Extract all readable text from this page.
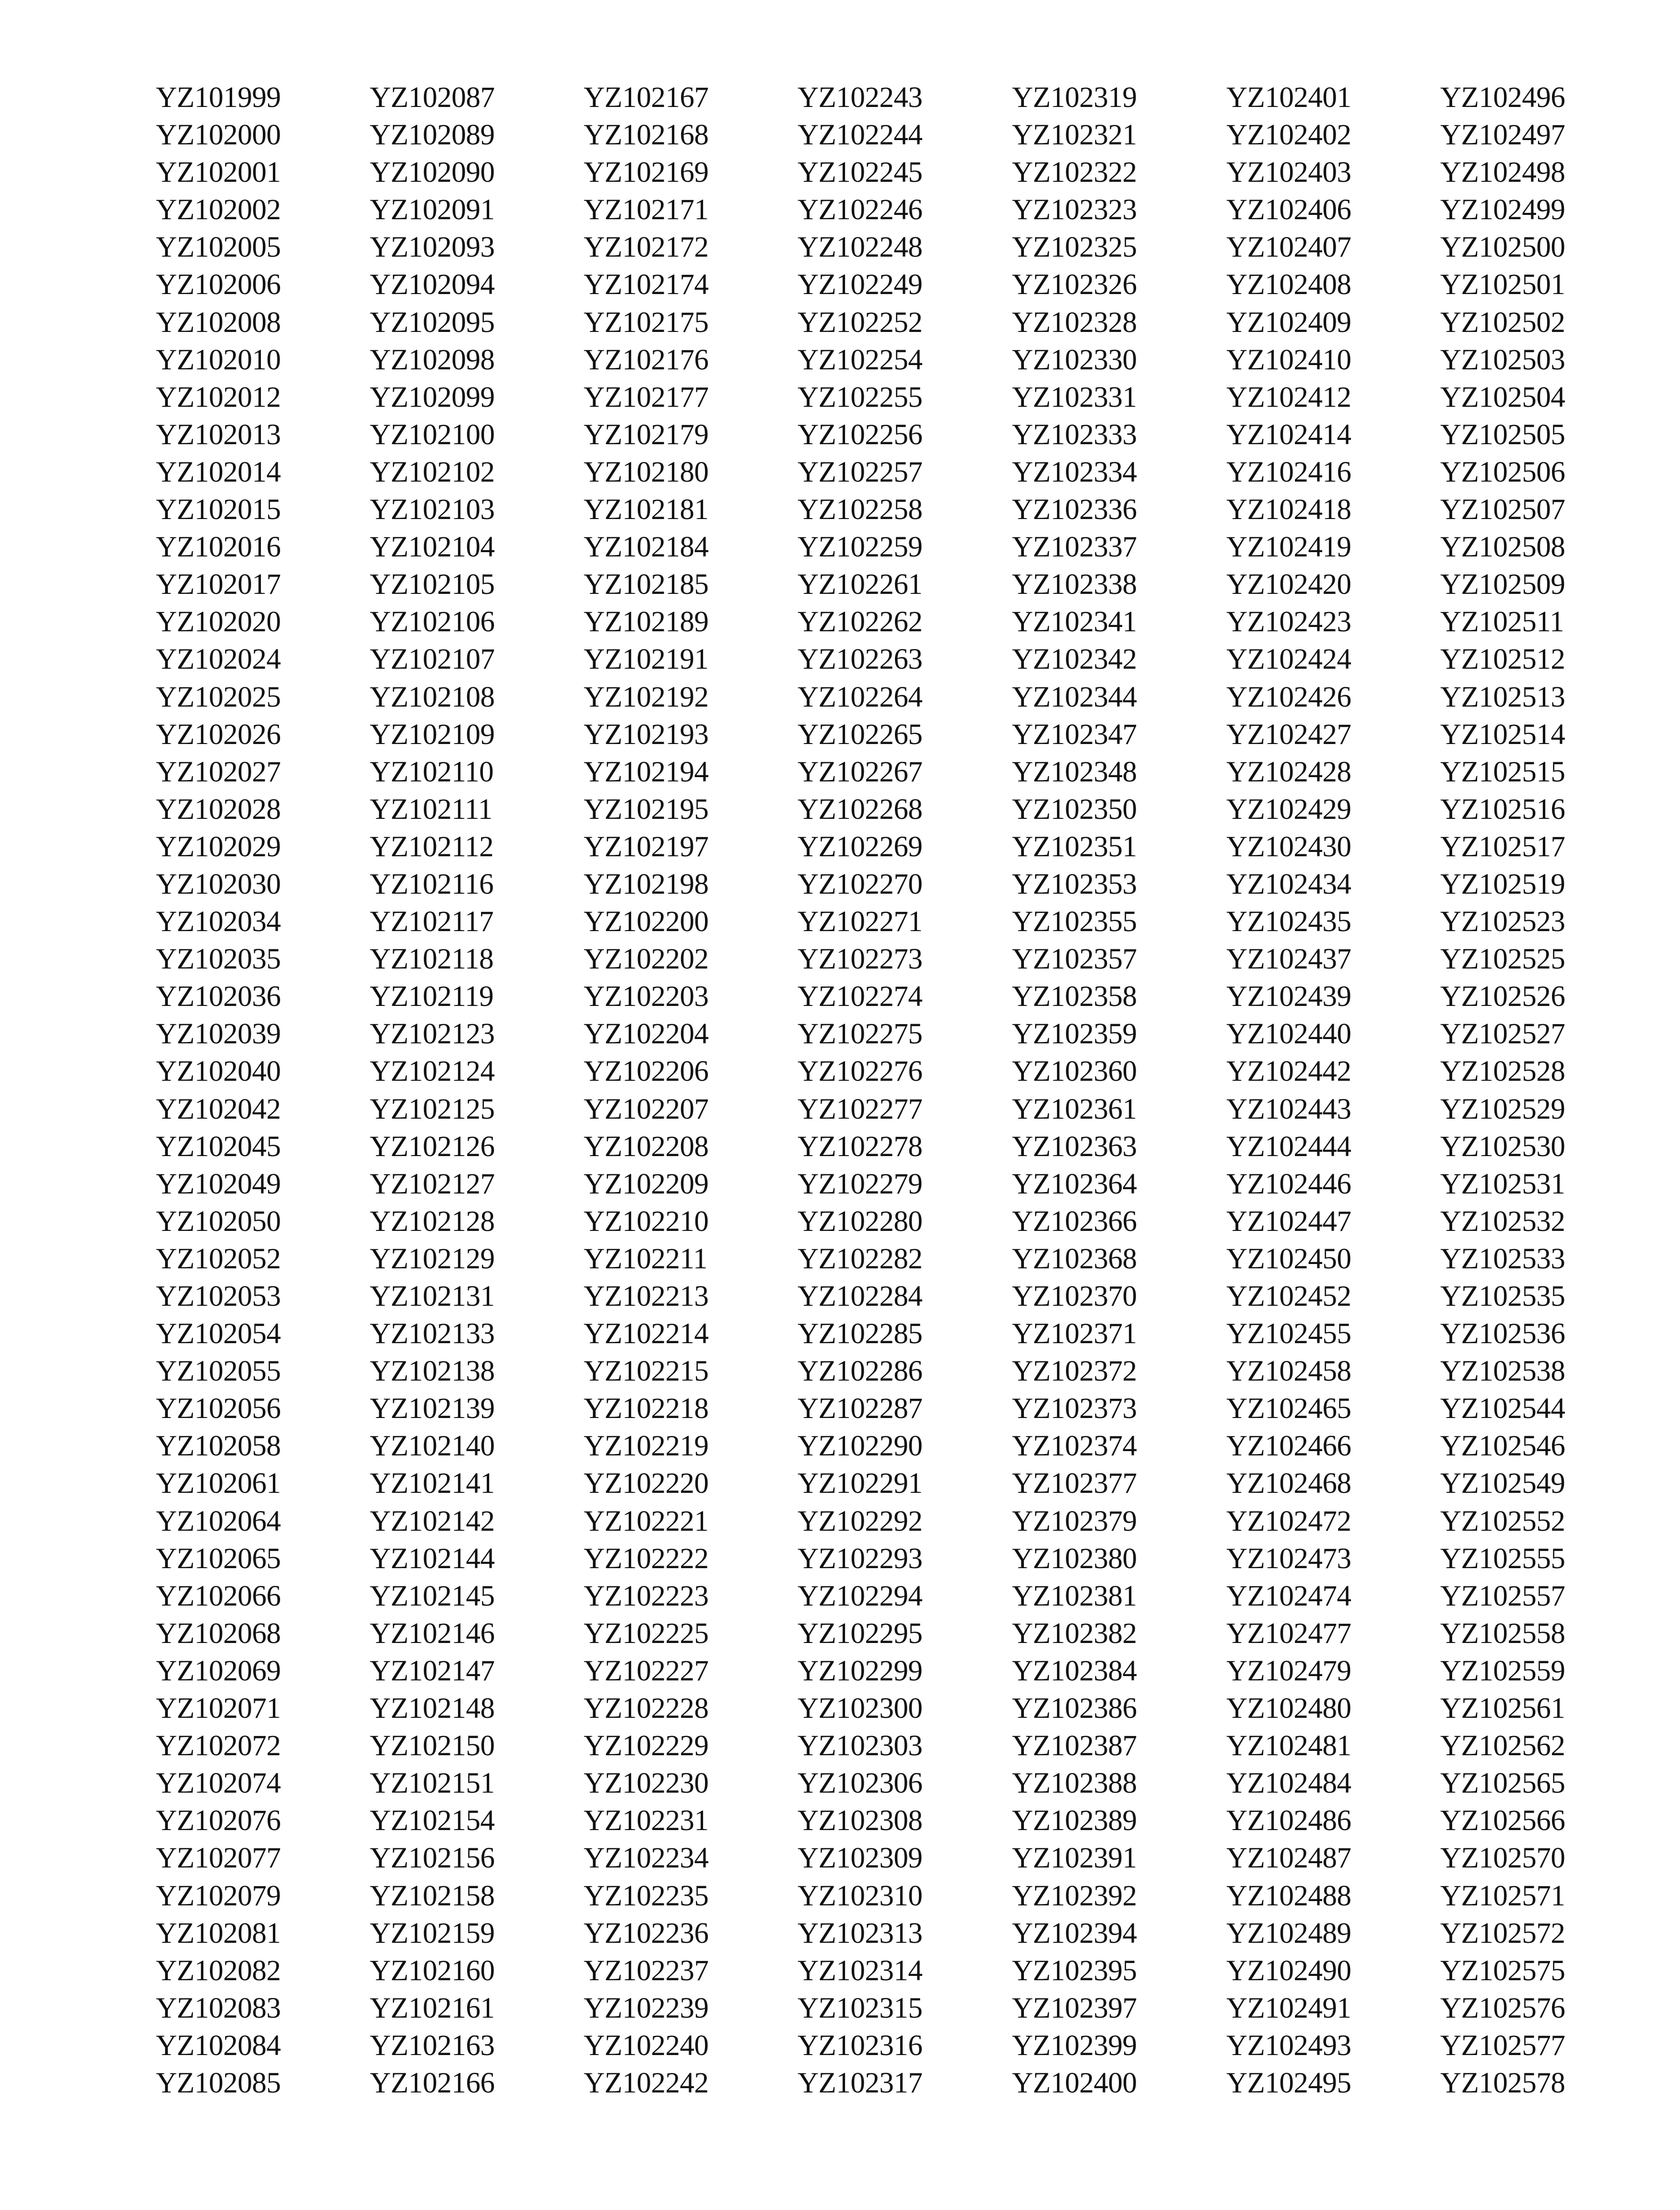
YZ101999
YZ102000
YZ102001
YZ102002
YZ102005
YZ102006
YZ102008
YZ102010
YZ102012
YZ102013
YZ102014
YZ102015
YZ102016
YZ102017
YZ102020
YZ102024
YZ102025
YZ102026
YZ102027
YZ102028
YZ102029
YZ102030
YZ102034
YZ102035
YZ102036
YZ102039
YZ102040
YZ102042
YZ102045
YZ102049
YZ102050
YZ102052
YZ102053
YZ102054
YZ102055
YZ102056
YZ102058
YZ102061
YZ102064
YZ102065
YZ102066
YZ102068
YZ102069
YZ102071
YZ102072
YZ102074
YZ102076
YZ102077
YZ102079
YZ102081
YZ102082
YZ102083
YZ102084
YZ102085
YZ102087
YZ102089
YZ102090
YZ102091
YZ102093
YZ102094
YZ102095
YZ102098
YZ102099
YZ102100
YZ102102
YZ102103
YZ102104
YZ102105
YZ102106
YZ102107
YZ102108
YZ102109
YZ102110
YZ102111
YZ102112
YZ102116
YZ102117
YZ102118
YZ102119
YZ102123
YZ102124
YZ102125
YZ102126
YZ102127
YZ102128
YZ102129
YZ102131
YZ102133
YZ102138
YZ102139
YZ102140
YZ102141
YZ102142
YZ102144
YZ102145
YZ102146
YZ102147
YZ102148
YZ102150
YZ102151
YZ102154
YZ102156
YZ102158
YZ102159
YZ102160
YZ102161
YZ102163
YZ102166
YZ102167
YZ102168
YZ102169
YZ102171
YZ102172
YZ102174
YZ102175
YZ102176
YZ102177
YZ102179
YZ102180
YZ102181
YZ102184
YZ102185
YZ102189
YZ102191
YZ102192
YZ102193
YZ102194
YZ102195
YZ102197
YZ102198
YZ102200
YZ102202
YZ102203
YZ102204
YZ102206
YZ102207
YZ102208
YZ102209
YZ102210
YZ102211
YZ102213
YZ102214
YZ102215
YZ102218
YZ102219
YZ102220
YZ102221
YZ102222
YZ102223
YZ102225
YZ102227
YZ102228
YZ102229
YZ102230
YZ102231
YZ102234
YZ102235
YZ102236
YZ102237
YZ102239
YZ102240
YZ102242
YZ102243
YZ102244
YZ102245
YZ102246
YZ102248
YZ102249
YZ102252
YZ102254
YZ102255
YZ102256
YZ102257
YZ102258
YZ102259
YZ102261
YZ102262
YZ102263
YZ102264
YZ102265
YZ102267
YZ102268
YZ102269
YZ102270
YZ102271
YZ102273
YZ102274
YZ102275
YZ102276
YZ102277
YZ102278
YZ102279
YZ102280
YZ102282
YZ102284
YZ102285
YZ102286
YZ102287
YZ102290
YZ102291
YZ102292
YZ102293
YZ102294
YZ102295
YZ102299
YZ102300
YZ102303
YZ102306
YZ102308
YZ102309
YZ102310
YZ102313
YZ102314
YZ102315
YZ102316
YZ102317
YZ102319
YZ102321
YZ102322
YZ102323
YZ102325
YZ102326
YZ102328
YZ102330
YZ102331
YZ102333
YZ102334
YZ102336
YZ102337
YZ102338
YZ102341
YZ102342
YZ102344
YZ102347
YZ102348
YZ102350
YZ102351
YZ102353
YZ102355
YZ102357
YZ102358
YZ102359
YZ102360
YZ102361
YZ102363
YZ102364
YZ102366
YZ102368
YZ102370
YZ102371
YZ102372
YZ102373
YZ102374
YZ102377
YZ102379
YZ102380
YZ102381
YZ102382
YZ102384
YZ102386
YZ102387
YZ102388
YZ102389
YZ102391
YZ102392
YZ102394
YZ102395
YZ102397
YZ102399
YZ102400
YZ102401
YZ102402
YZ102403
YZ102406
YZ102407
YZ102408
YZ102409
YZ102410
YZ102412
YZ102414
YZ102416
YZ102418
YZ102419
YZ102420
YZ102423
YZ102424
YZ102426
YZ102427
YZ102428
YZ102429
YZ102430
YZ102434
YZ102435
YZ102437
YZ102439
YZ102440
YZ102442
YZ102443
YZ102444
YZ102446
YZ102447
YZ102450
YZ102452
YZ102455
YZ102458
YZ102465
YZ102466
YZ102468
YZ102472
YZ102473
YZ102474
YZ102477
YZ102479
YZ102480
YZ102481
YZ102484
YZ102486
YZ102487
YZ102488
YZ102489
YZ102490
YZ102491
YZ102493
YZ102495
YZ102496
YZ102497
YZ102498
YZ102499
YZ102500
YZ102501
YZ102502
YZ102503
YZ102504
YZ102505
YZ102506
YZ102507
YZ102508
YZ102509
YZ102511
YZ102512
YZ102513
YZ102514
YZ102515
YZ102516
YZ102517
YZ102519
YZ102523
YZ102525
YZ102526
YZ102527
YZ102528
YZ102529
YZ102530
YZ102531
YZ102532
YZ102533
YZ102535
YZ102536
YZ102538
YZ102544
YZ102546
YZ102549
YZ102552
YZ102555
YZ102557
YZ102558
YZ102559
YZ102561
YZ102562
YZ102565
YZ102566
YZ102570
YZ102571
YZ102572
YZ102575
YZ102576
YZ102577
YZ102578
